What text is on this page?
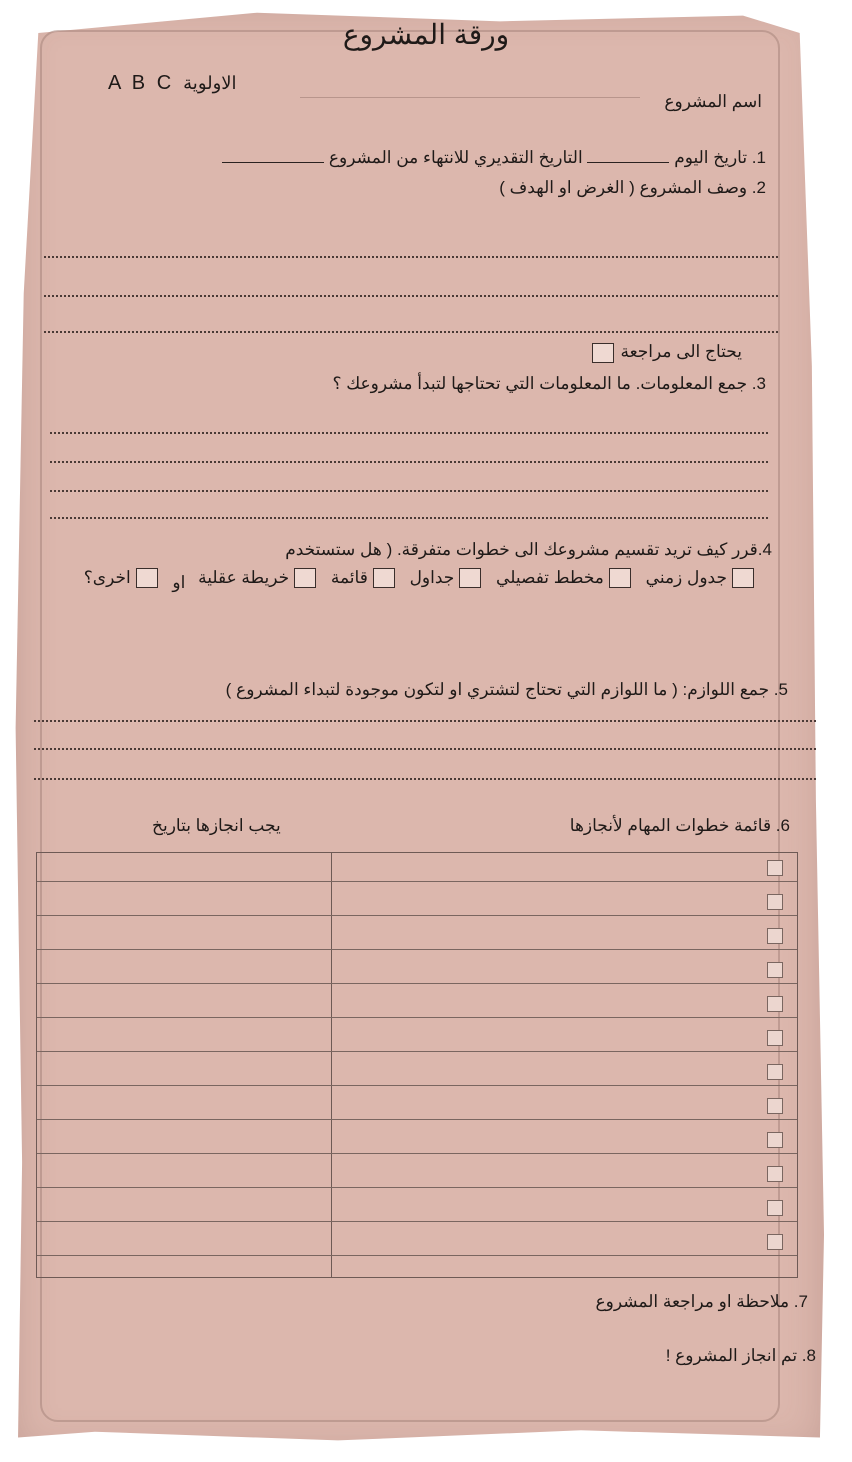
ورقة المشروع
A B C الاولوية
اسم المشروع
1. تاريخ اليوم  التاريخ التقديري للانتهاء من المشروع
2. وصف المشروع ( الغرض او الهدف )
يحتاج الى مراجعة
3. جمع المعلومات. ما المعلومات التي تحتاجها لتبدأ مشروعك ؟
4.قرر كيف تريد تقسيم مشروعك الى خطوات متفرقة. ( هل ستستخدم
جدول زمني

مخطط تفصيلي

جداول

قائمة

خريطة عقلية

او

اخرى؟
5. جمع اللوازم: ( ما اللوازم التي تحتاج لتشتري او لتكون موجودة لتبداء المشروع )
6. قائمة خطوات المهام لأنجازها
يجب انجازها بتاريخ
7. ملاحظة او مراجعة المشروع
8. تم انجاز المشروع !
